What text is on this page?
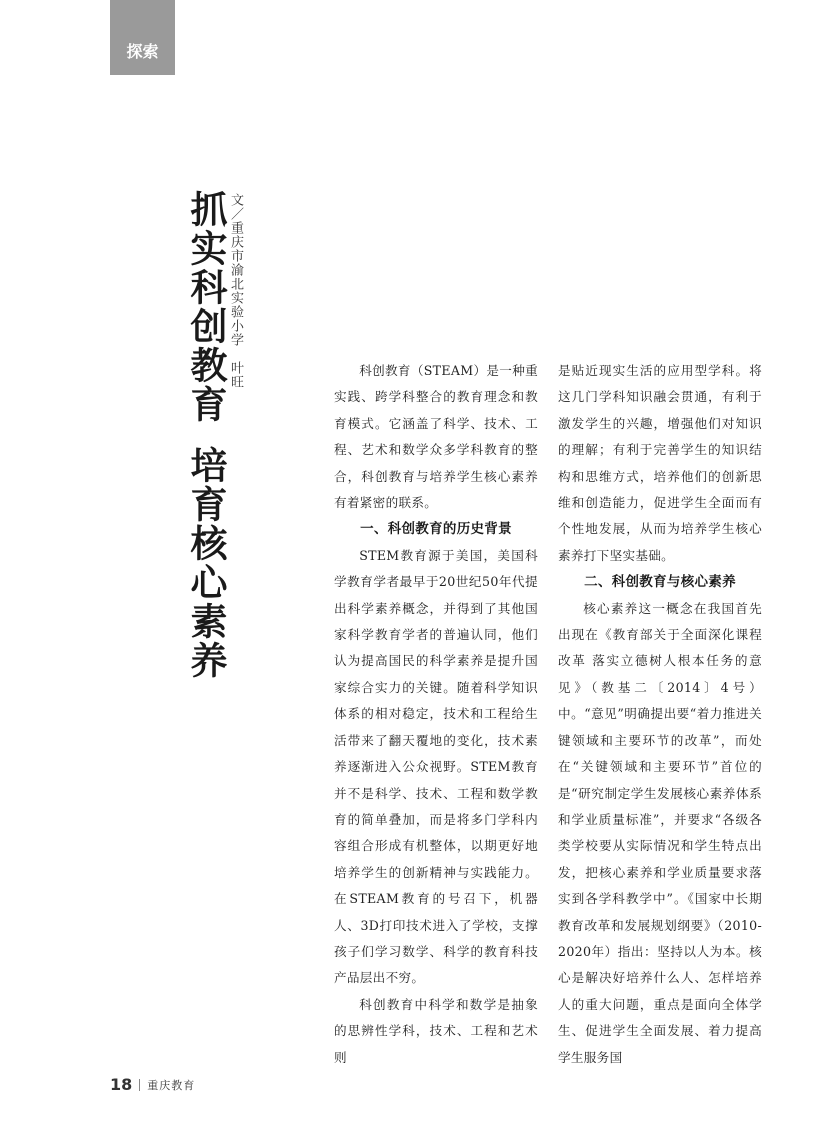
探索
抓实科创教育培育核心素养
文／重庆市渝北实验小学　叶旺	科创教育（STEAM）是一种重实践、跨学科整合的教育理念和教育模式。它涵盖了科学、技术、工程、艺术和数学众多学科教育的整合，科创教育与培养学生核心素养有着紧密的联系。

一、科创教育的历史背景

STEM教育源于美国，美国科学教育学者最早于20世纪50年代提出科学素养概念，并得到了其他国家科学教育学者的普遍认同，他们认为提高国民的科学素养是提升国家综合实力的关键。随着科学知识体系的相对稳定，技术和工程给生活带来了翻天覆地的变化，技术素养逐渐进入公众视野。STEM教育并不是科学、技术、工程和数学教育的简单叠加，而是将多门学科内容组合形成有机整体，以期更好地培养学生的创新精神与实践能力。在STEAM教育的号召下，机器人、3D打印技术进入了学校，支撑孩子们学习数学、科学的教育科技产品层出不穷。

科创教育中科学和数学是抽象的思辨性学科，技术、工程和艺术则

是贴近现实生活的应用型学科。将这几门学科知识融会贯通，有利于激发学生的兴趣，增强他们对知识的理解；有利于完善学生的知识结构和思维方式，培养他们的创新思维和创造能力，促进学生全面而有个性地发展，从而为培养学生核心素养打下坚实基础。

二、科创教育与核心素养

核心素养这一概念在我国首先出现在《教育部关于全面深化课程改革 落实立德树人根本任务的意见》（教基二〔2014〕4号）中。“意见”明确提出要“着力推进关键领域和主要环节的改革”，而处在“关键领域和主要环节”首位的是“研究制定学生发展核心素养体系和学业质量标准”，并要求“各级各类学校要从实际情况和学生特点出发，把核心素养和学业质量要求落实到各学科教学中”。《国家中长期教育改革和发展规划纲要》（2010-2020年）指出：坚持以人为本。核心是解决好培养什么人、怎样培养人的重大问题，重点是面向全体学生、促进学生全面发展、着力提高学生服务国

18 重庆教育
